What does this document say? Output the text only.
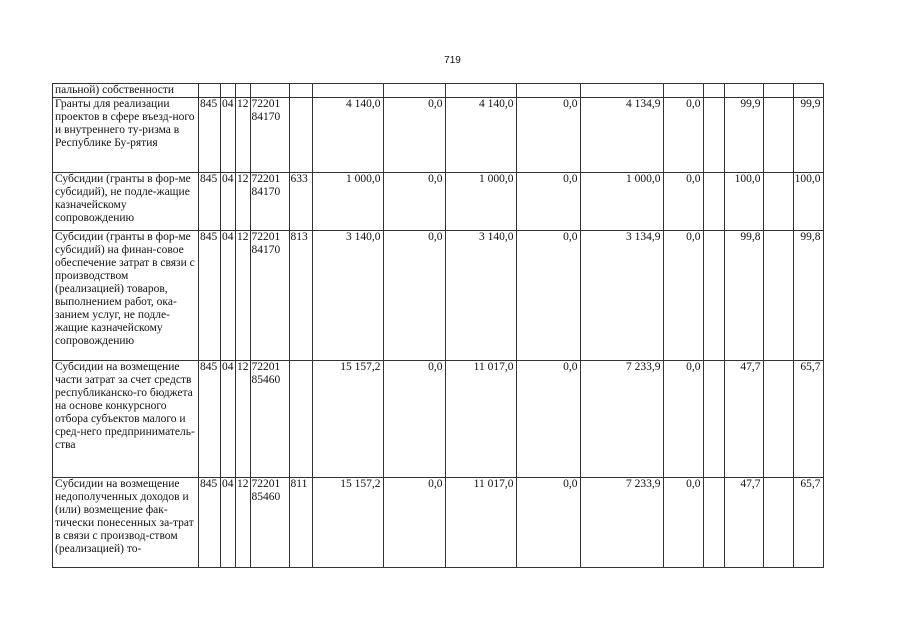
719
пальной) собственности															
Гранты для реализации проектов в сфере въезд-ного и внутреннего ту-ризма в Республике Бу-рятия	845	04	12	72201 84170		4 140,0	0,0	4 140,0	0,0	4 134,9	0,0		99,9		99,9
Субсидии (гранты в фор-ме субсидий), не подле-жащие казначейскому сопровождению	845	04	12	72201 84170	633	1 000,0	0,0	1 000,0	0,0	1 000,0	0,0		100,0		100,0
Субсидии (гранты в фор-ме субсидий) на финан-совое обеспечение затрат в связи с производством (реализацией) товаров, выполнением работ, ока-занием услуг, не подле-жащие казначейскому сопровождению	845	04	12	72201 84170	813	3 140,0	0,0	3 140,0	0,0	3 134,9	0,0		99,8		99,8
Субсидии на возмещение части затрат за счет средств республиканско-го бюджета на основе конкурсного отбора субъектов малого и сред-него предприниматель-ства	845	04	12	72201 85460		15 157,2	0,0	11 017,0	0,0	7 233,9	0,0		47,7		65,7
Субсидии на возмещение недополученных доходов и (или) возмещение фак-тически понесенных за-трат в связи с производ-ством (реализацией) то-	845	04	12	72201 85460	811	15 157,2	0,0	11 017,0	0,0	7 233,9	0,0		47,7		65,7
